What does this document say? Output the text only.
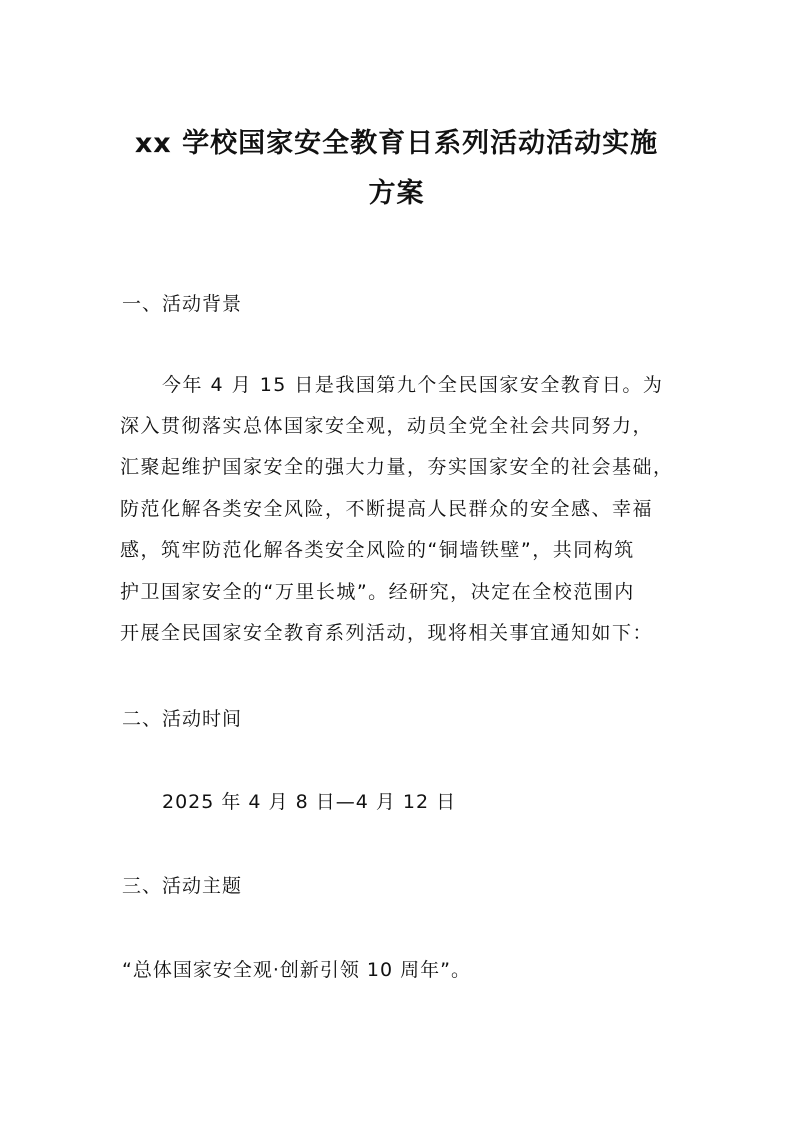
xx 学校国家安全教育日系列活动活动实施
方案
一、活动背景
今年 4 月 15 日是我国第九个全民国家安全教育日。为
深入贯彻落实总体国家安全观，动员全党全社会共同努力，
汇聚起维护国家安全的强大力量，夯实国家安全的社会基础，
防范化解各类安全风险，不断提高人民群众的安全感、幸福
感，筑牢防范化解各类安全风险的“铜墙铁壁”，共同构筑
护卫国家安全的“万里长城”。经研究，决定在全校范围内
开展全民国家安全教育系列活动，现将相关事宜通知如下：
二、活动时间
2025 年 4 月 8 日—4 月 12 日
三、活动主题
“总体国家安全观·创新引领 10 周年”。
